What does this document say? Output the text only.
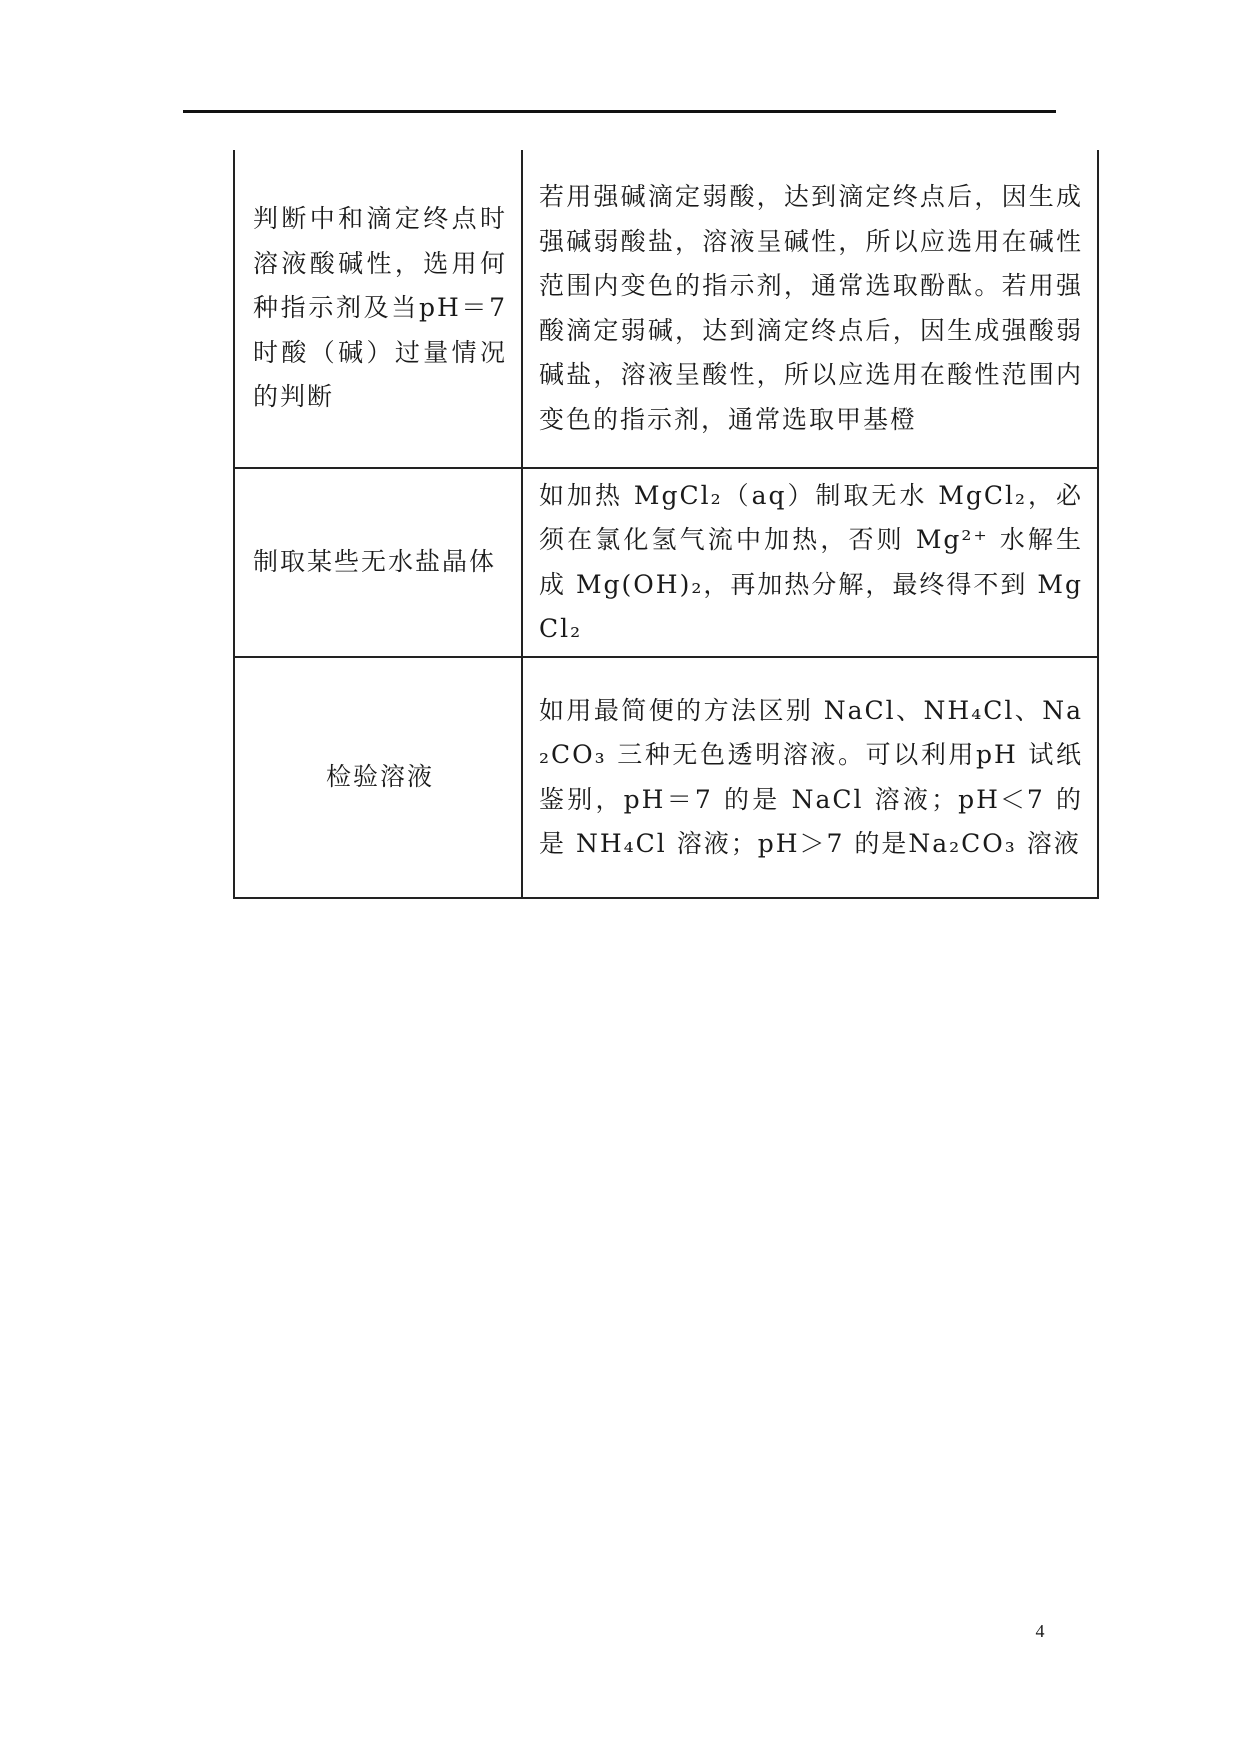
判断中和滴定终点时溶液酸碱性，选用何种指示剂及当pH＝7 时酸（碱）过量情况的判断	若用强碱滴定弱酸，达到滴定终点后，因生成强碱弱酸盐，溶液呈碱性，所以应选用在碱性范围内变色的指示剂，通常选取酚酞。若用强酸滴定弱碱，达到滴定终点后，因生成强酸弱碱盐，溶液呈酸性，所以应选用在酸性范围内变色的指示剂，通常选取甲基橙
制取某些无水盐晶体	如加热 MgCl₂（aq）制取无水 MgCl₂，必须在氯化氢气流中加热，否则 Mg²⁺ 水解生成 Mg(OH)₂，再加热分解，最终得不到 MgCl₂
检验溶液	如用最简便的方法区别 NaCl、NH₄Cl、Na₂CO₃ 三种无色透明溶液。可以利用pH 试纸鉴别，pH＝7 的是 NaCl 溶液；pH＜7 的是 NH₄Cl 溶液；pH＞7 的是Na₂CO₃ 溶液
4
